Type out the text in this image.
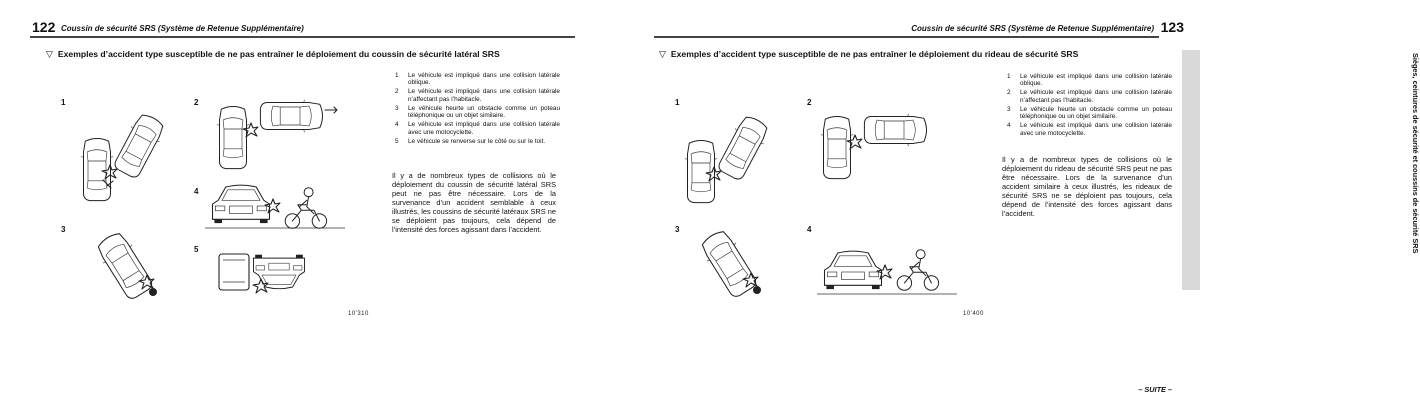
122 Coussin de sécurité SRS (Système de Retenue Supplémentaire)
▽ Exemples d’accident type susceptible de ne pas entraîner le déploiement du coussin de sécurité latéral SRS
1	2
3
4
5
10'310
1	Le véhicule est impliqué dans une collision latérale oblique.
2	Le véhicule est impliqué dans une collision latérale n’affectant pas l’habitacle.
3	Le véhicule heurte un obstacle comme un poteau téléphonique ou un objet similaire.
4	Le véhicule est impliqué dans une collision latérale avec une motocyclette.
5	Le véhicule se renverse sur le côté ou sur le toit.

Il y a de nombreux types de collisions où le déploiement du coussin de sécurité latéral SRS peut ne pas être nécessaire. Lors de la survenance d’un accident semblable à ceux illustrés, les coussins de sécurité latéraux SRS ne se déploient pas toujours, cela dépend de l’intensité des forces agissant dans l’accident.

Coussin de sécurité SRS (Système de Retenue Supplémentaire) 123
▽ Exemples d’accident type susceptible de ne pas entraîner le déploiement du rideau de sécurité SRS
1	Le véhicule est impliqué dans une collision latérale oblique.
2	Le véhicule est impliqué dans une collision latérale n’affectant pas l’habitacle.
3	Le véhicule heurte un obstacle comme un poteau téléphonique ou un objet similaire.
4	Le véhicule est impliqué dans une collision latérale avec une motocyclette.

Il y a de nombreux types de collisions où le déploiement du rideau de sécurité SRS peut ne pas être nécessaire. Lors de la survenance d’un accident similaire à ceux illustrés, les rideaux de sécurité SRS ne se déploient pas toujours, cela dépend de l’intensité des forces agissant dans l’accident.	Sièges, ceintures de sécurité et coussins de sécurité SRS
– SUITE –
1	2
3	4
10'400
